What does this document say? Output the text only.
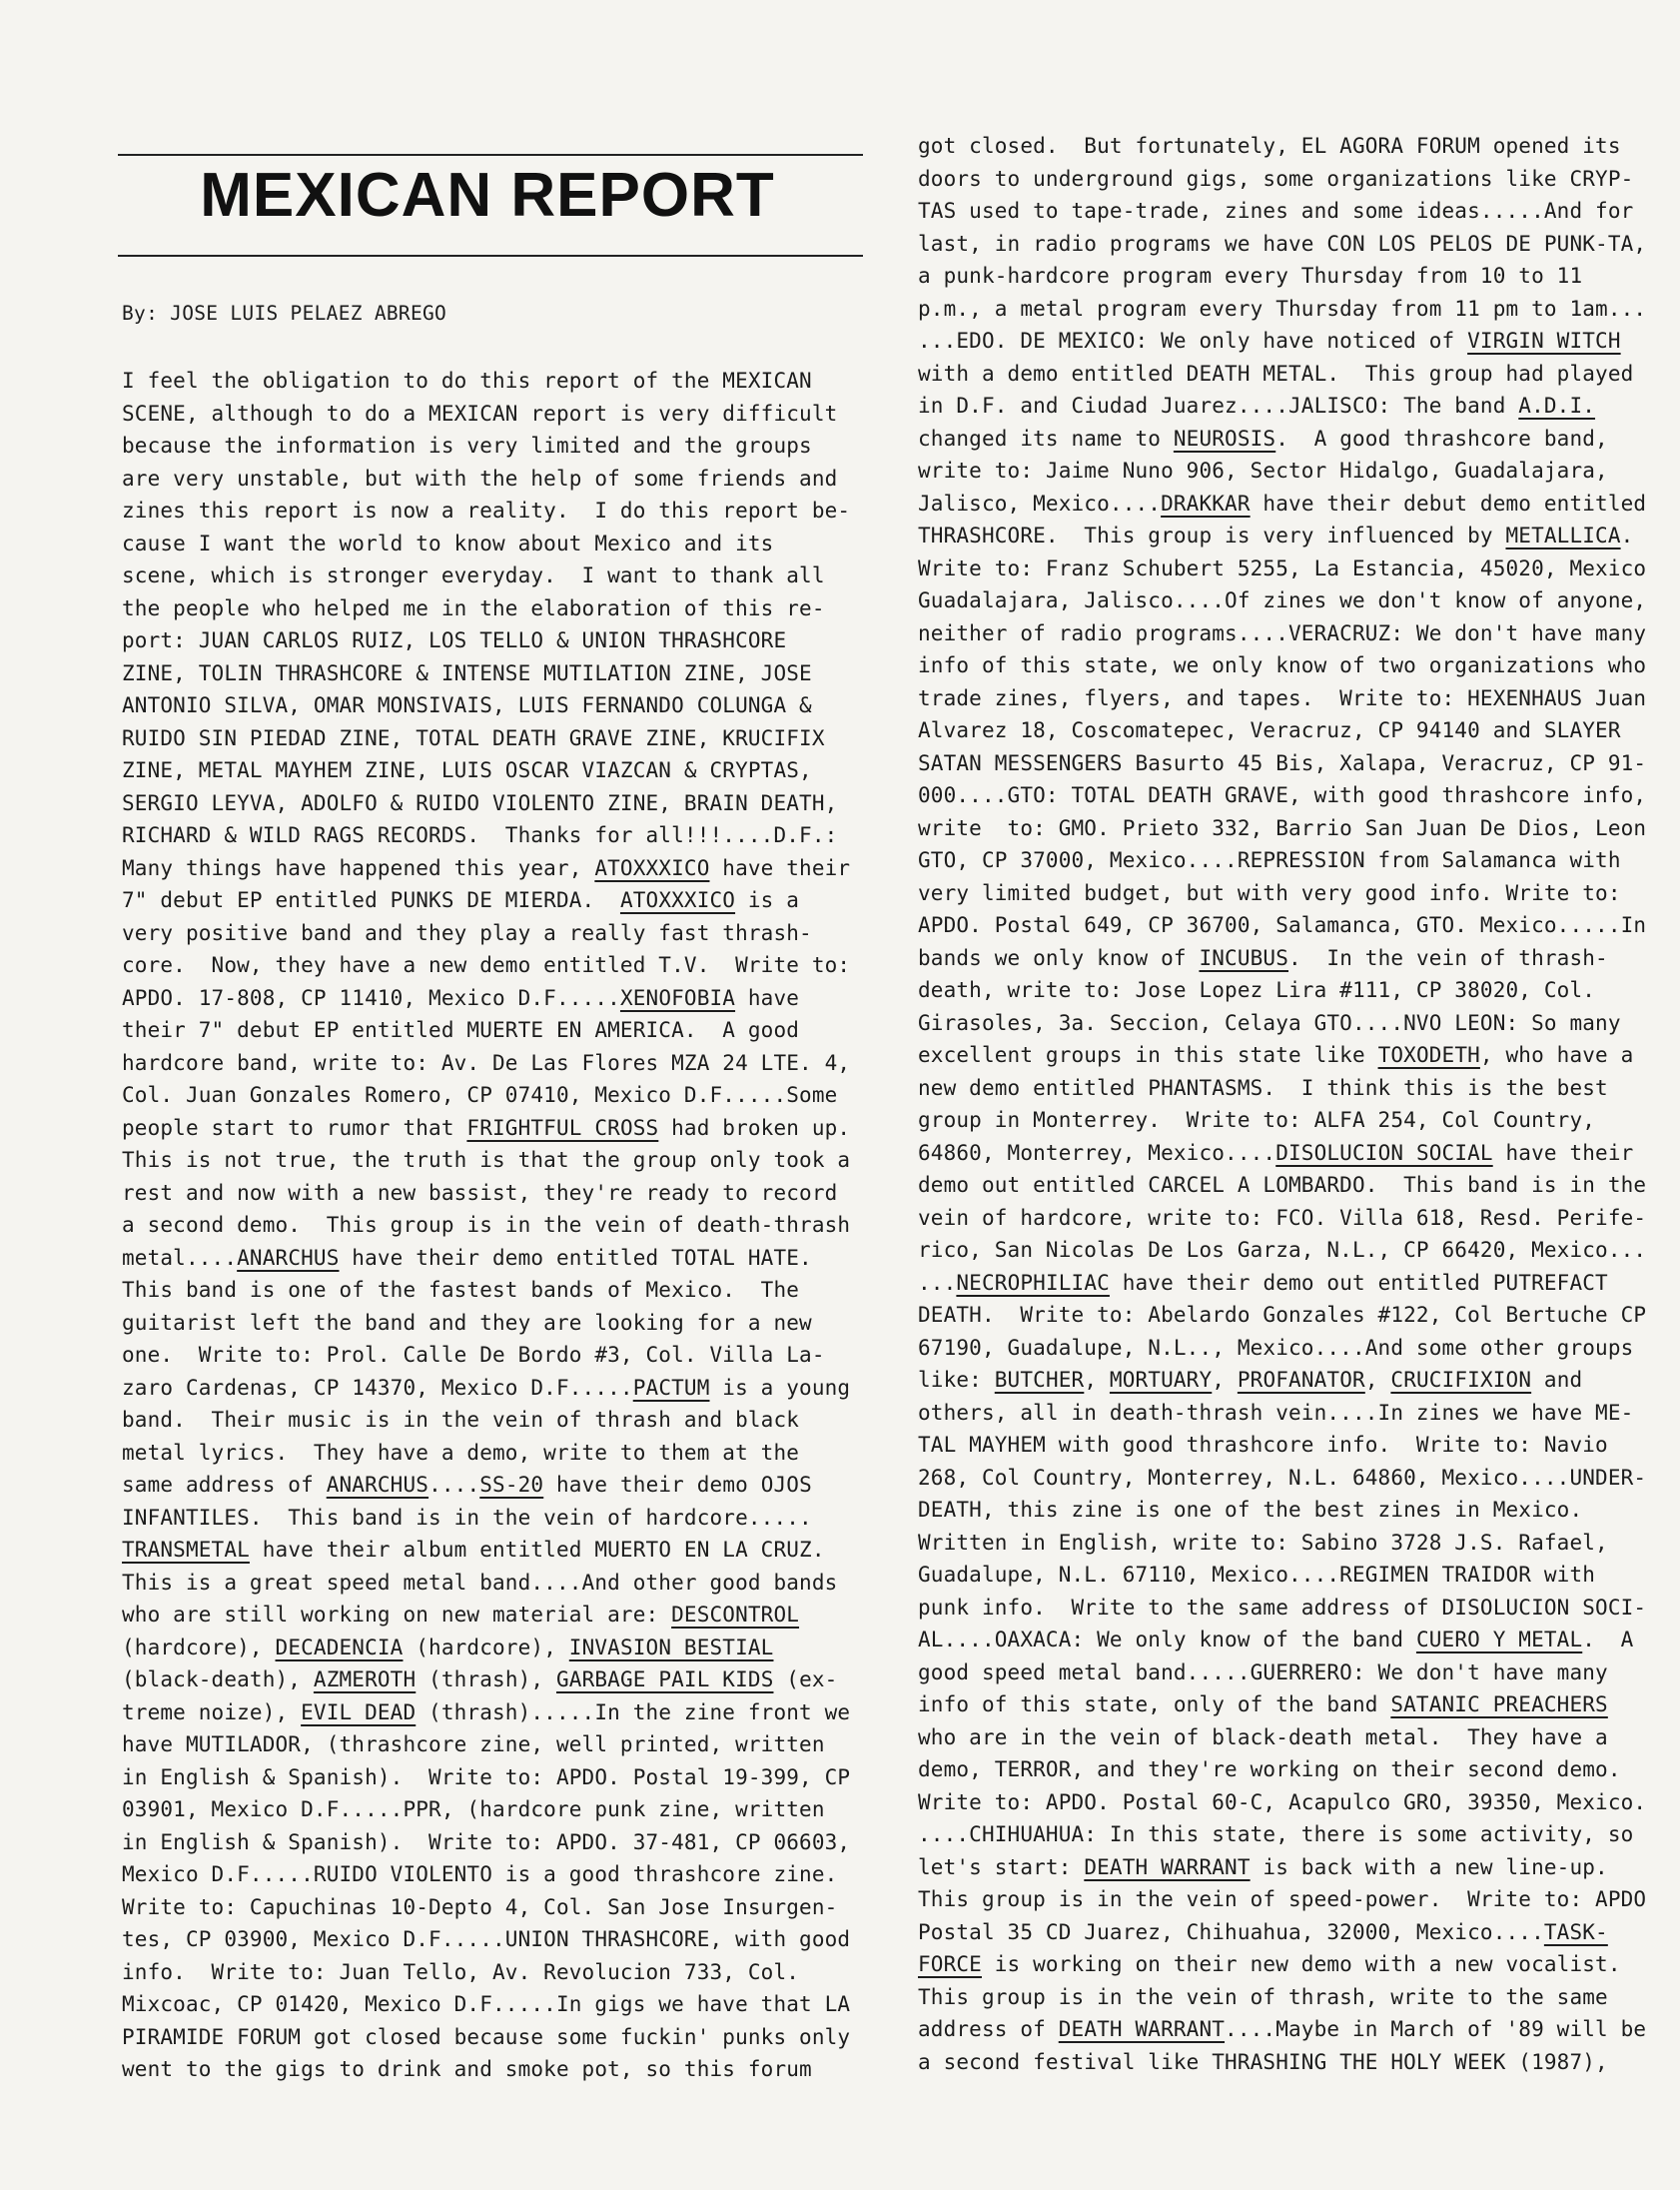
MEXICAN REPORT
By: JOSE LUIS PELAEZ ABREGO
I feel the obligation to do this report of the MEXICAN
SCENE, although to do a MEXICAN report is very difficult
because the information is very limited and the groups
are very unstable, but with the help of some friends and
zines this report is now a reality.  I do this report be-
cause I want the world to know about Mexico and its
scene, which is stronger everyday.  I want to thank all
the people who helped me in the elaboration of this re-
port: JUAN CARLOS RUIZ, LOS TELLO & UNION THRASHCORE
ZINE, TOLIN THRASHCORE & INTENSE MUTILATION ZINE, JOSE
ANTONIO SILVA, OMAR MONSIVAIS, LUIS FERNANDO COLUNGA &
RUIDO SIN PIEDAD ZINE, TOTAL DEATH GRAVE ZINE, KRUCIFIX
ZINE, METAL MAYHEM ZINE, LUIS OSCAR VIAZCAN & CRYPTAS,
SERGIO LEYVA, ADOLFO & RUIDO VIOLENTO ZINE, BRAIN DEATH,
RICHARD & WILD RAGS RECORDS.  Thanks for all!!!....D.F.:
Many things have happened this year, ATOXXXICO have their
7" debut EP entitled PUNKS DE MIERDA.  ATOXXXICO is a
very positive band and they play a really fast thrash-
core.  Now, they have a new demo entitled T.V.  Write to:
APDO. 17-808, CP 11410, Mexico D.F.....XENOFOBIA have
their 7" debut EP entitled MUERTE EN AMERICA.  A good
hardcore band, write to: Av. De Las Flores MZA 24 LTE. 4,
Col. Juan Gonzales Romero, CP 07410, Mexico D.F.....Some
people start to rumor that FRIGHTFUL CROSS had broken up.
This is not true, the truth is that the group only took a
rest and now with a new bassist, they're ready to record
a second demo.  This group is in the vein of death-thrash
metal....ANARCHUS have their demo entitled TOTAL HATE.
This band is one of the fastest bands of Mexico.  The
guitarist left the band and they are looking for a new
one.  Write to: Prol. Calle De Bordo #3, Col. Villa La-
zaro Cardenas, CP 14370, Mexico D.F.....PACTUM is a young
band.  Their music is in the vein of thrash and black
metal lyrics.  They have a demo, write to them at the
same address of ANARCHUS....SS-20 have their demo OJOS
INFANTILES.  This band is in the vein of hardcore.....
TRANSMETAL have their album entitled MUERTO EN LA CRUZ.
This is a great speed metal band....And other good bands
who are still working on new material are: DESCONTROL
(hardcore), DECADENCIA (hardcore), INVASION BESTIAL
(black-death), AZMEROTH (thrash), GARBAGE PAIL KIDS (ex-
treme noize), EVIL DEAD (thrash).....In the zine front we
have MUTILADOR, (thrashcore zine, well printed, written
in English & Spanish).  Write to: APDO. Postal 19-399, CP
03901, Mexico D.F.....PPR, (hardcore punk zine, written
in English & Spanish).  Write to: APDO. 37-481, CP 06603,
Mexico D.F.....RUIDO VIOLENTO is a good thrashcore zine.
Write to: Capuchinas 10-Depto 4, Col. San Jose Insurgen-
tes, CP 03900, Mexico D.F.....UNION THRASHCORE, with good
info.  Write to: Juan Tello, Av. Revolucion 733, Col.
Mixcoac, CP 01420, Mexico D.F.....In gigs we have that LA
PIRAMIDE FORUM got closed because some fuckin' punks only
went to the gigs to drink and smoke pot, so this forum
got closed.  But fortunately, EL AGORA FORUM opened its
doors to underground gigs, some organizations like CRYP-
TAS used to tape-trade, zines and some ideas.....And for
last, in radio programs we have CON LOS PELOS DE PUNK-TA,
a punk-hardcore program every Thursday from 10 to 11
p.m., a metal program every Thursday from 11 pm to 1am...
...EDO. DE MEXICO: We only have noticed of VIRGIN WITCH
with a demo entitled DEATH METAL.  This group had played
in D.F. and Ciudad Juarez....JALISCO: The band A.D.I.
changed its name to NEUROSIS.  A good thrashcore band,
write to: Jaime Nuno 906, Sector Hidalgo, Guadalajara,
Jalisco, Mexico....DRAKKAR have their debut demo entitled
THRASHCORE.  This group is very influenced by METALLICA.
Write to: Franz Schubert 5255, La Estancia, 45020, Mexico
Guadalajara, Jalisco....Of zines we don't know of anyone,
neither of radio programs....VERACRUZ: We don't have many
info of this state, we only know of two organizations who
trade zines, flyers, and tapes.  Write to: HEXENHAUS Juan
Alvarez 18, Coscomatepec, Veracruz, CP 94140 and SLAYER
SATAN MESSENGERS Basurto 45 Bis, Xalapa, Veracruz, CP 91-
000....GTO: TOTAL DEATH GRAVE, with good thrashcore info,
write  to: GMO. Prieto 332, Barrio San Juan De Dios, Leon
GTO, CP 37000, Mexico....REPRESSION from Salamanca with
very limited budget, but with very good info. Write to:
APDO. Postal 649, CP 36700, Salamanca, GTO. Mexico.....In
bands we only know of INCUBUS.  In the vein of thrash-
death, write to: Jose Lopez Lira #111, CP 38020, Col.
Girasoles, 3a. Seccion, Celaya GTO....NVO LEON: So many
excellent groups in this state like TOXODETH, who have a
new demo entitled PHANTASMS.  I think this is the best
group in Monterrey.  Write to: ALFA 254, Col Country,
64860, Monterrey, Mexico....DISOLUCION SOCIAL have their
demo out entitled CARCEL A LOMBARDO.  This band is in the
vein of hardcore, write to: FCO. Villa 618, Resd. Perife-
rico, San Nicolas De Los Garza, N.L., CP 66420, Mexico...
...NECROPHILIAC have their demo out entitled PUTREFACT
DEATH.  Write to: Abelardo Gonzales #122, Col Bertuche CP
67190, Guadalupe, N.L.., Mexico....And some other groups
like: BUTCHER, MORTUARY, PROFANATOR, CRUCIFIXION and
others, all in death-thrash vein....In zines we have ME-
TAL MAYHEM with good thrashcore info.  Write to: Navio
268, Col Country, Monterrey, N.L. 64860, Mexico....UNDER-
DEATH, this zine is one of the best zines in Mexico.
Written in English, write to: Sabino 3728 J.S. Rafael,
Guadalupe, N.L. 67110, Mexico....REGIMEN TRAIDOR with
punk info.  Write to the same address of DISOLUCION SOCI-
AL....OAXACA: We only know of the band CUERO Y METAL.  A
good speed metal band.....GUERRERO: We don't have many
info of this state, only of the band SATANIC PREACHERS
who are in the vein of black-death metal.  They have a
demo, TERROR, and they're working on their second demo.
Write to: APDO. Postal 60-C, Acapulco GRO, 39350, Mexico.
....CHIHUAHUA: In this state, there is some activity, so
let's start: DEATH WARRANT is back with a new line-up.
This group is in the vein of speed-power.  Write to: APDO
Postal 35 CD Juarez, Chihuahua, 32000, Mexico....TASK-
FORCE is working on their new demo with a new vocalist.
This group is in the vein of thrash, write to the same
address of DEATH WARRANT....Maybe in March of '89 will be
a second festival like THRASHING THE HOLY WEEK (1987),
